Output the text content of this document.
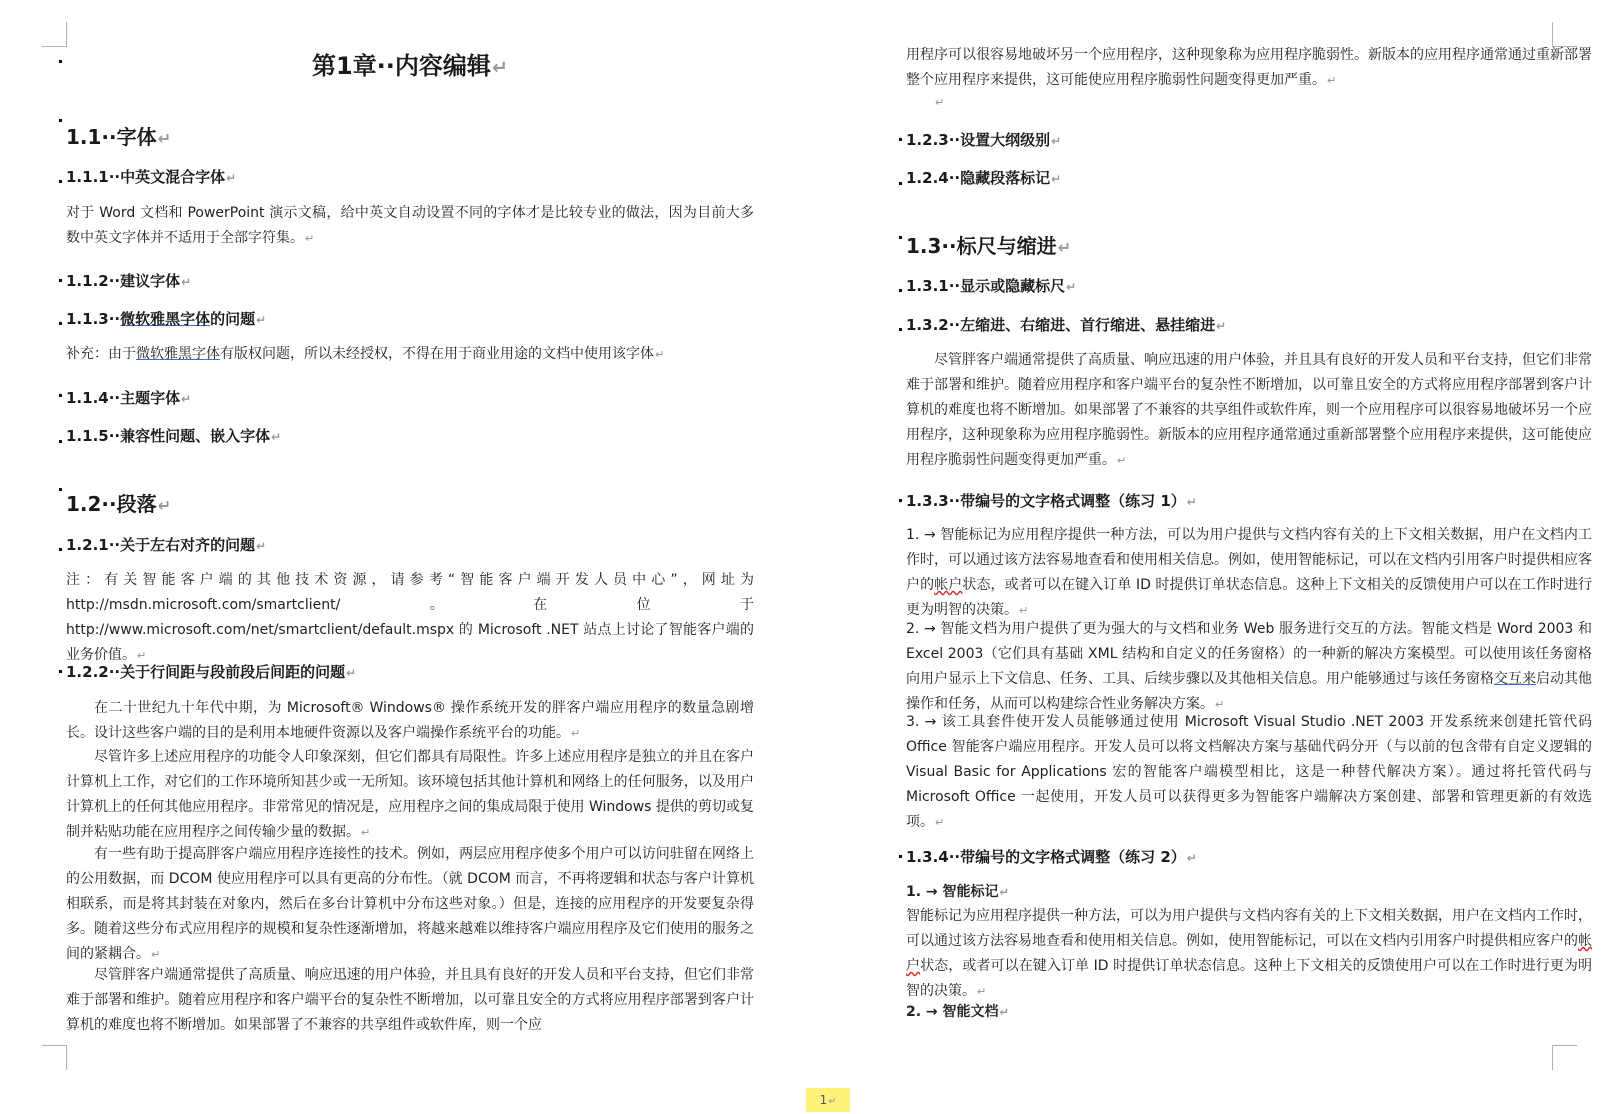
第1章··内容编辑↵
1.1··字体↵
1.1.1··中英文混合字体↵
对于 Word 文档和 PowerPoint 演示文稿，给中英文自动设置不同的字体才是比较专业的做法，因为目前大多数中英文字体并不适用于全部字符集。↵
1.1.2··建议字体↵
1.1.3··微软雅黑字体的问题↵
补充：由于微软雅黑字体有版权问题，所以未经授权，不得在用于商业用途的文档中使用该字体↵
1.1.4··主题字体↵
1.1.5··兼容性问题、嵌入字体↵
1.2··段落↵
1.2.1··关于左右对齐的问题↵
注：有关智能客户端的其他技术资源，请参考“智能客户端开发人员中心”，网址为 http://msdn.microsoft.com/smartclient/。在位于 http://www.microsoft.com/net/smartclient/default.mspx 的 Microsoft .NET 站点上讨论了智能客户端的业务价值。↵
1.2.2··关于行间距与段前段后间距的问题↵
在二十世纪九十年代中期，为 Microsoft® Windows® 操作系统开发的胖客户端应用程序的数量急剧增长。设计这些客户端的目的是利用本地硬件资源以及客户端操作系统平台的功能。↵
尽管许多上述应用程序的功能令人印象深刻，但它们都具有局限性。许多上述应用程序是独立的并且在客户计算机上工作，对它们的工作环境所知甚少或一无所知。该环境包括其他计算机和网络上的任何服务，以及用户计算机上的任何其他应用程序。非常常见的情况是，应用程序之间的集成局限于使用 Windows 提供的剪切或复制并粘贴功能在应用程序之间传输少量的数据。↵
有一些有助于提高胖客户端应用程序连接性的技术。例如，两层应用程序使多个用户可以访问驻留在网络上的公用数据，而 DCOM 使应用程序可以具有更高的分布性。（就 DCOM 而言，不再将逻辑和状态与客户计算机相联系，而是将其封装在对象内，然后在多台计算机中分布这些对象。）但是，连接的应用程序的开发要复杂得多。随着这些分布式应用程序的规模和复杂性逐渐增加，将越来越难以维持客户端应用程序及它们使用的服务之间的紧耦合。↵
尽管胖客户端通常提供了高质量、响应迅速的用户体验，并且具有良好的开发人员和平台支持，但它们非常难于部署和维护。随着应用程序和客户端平台的复杂性不断增加，以可靠且安全的方式将应用程序部署到客户计算机的难度也将不断增加。如果部署了不兼容的共享组件或软件库，则一个应
用程序可以很容易地破坏另一个应用程序，这种现象称为应用程序脆弱性。新版本的应用程序通常通过重新部署整个应用程序来提供，这可能使应用程序脆弱性问题变得更加严重。↵
↵
1.2.3··设置大纲级别↵
1.2.4··隐藏段落标记↵
1.3··标尺与缩进↵
1.3.1··显示或隐藏标尺↵
1.3.2··左缩进、右缩进、首行缩进、悬挂缩进↵
尽管胖客户端通常提供了高质量、响应迅速的用户体验，并且具有良好的开发人员和平台支持，但它们非常难于部署和维护。随着应用程序和客户端平台的复杂性不断增加，以可靠且安全的方式将应用程序部署到客户计算机的难度也将不断增加。如果部署了不兼容的共享组件或软件库，则一个应用程序可以很容易地破坏另一个应用程序，这种现象称为应用程序脆弱性。新版本的应用程序通常通过重新部署整个应用程序来提供，这可能使应用程序脆弱性问题变得更加严重。↵
1.3.3··带编号的文字格式调整（练习 1）↵
1. → 智能标记为应用程序提供一种方法，可以为用户提供与文档内容有关的上下文相关数据，用户在文档内工作时，可以通过该方法容易地查看和使用相关信息。例如，使用智能标记，可以在文档内引用客户时提供相应客户的帐户状态，或者可以在键入订单 ID 时提供订单状态信息。这种上下文相关的反馈使用户可以在工作时进行更为明智的决策。↵
2. → 智能文档为用户提供了更为强大的与文档和业务 Web 服务进行交互的方法。智能文档是 Word 2003 和 Excel 2003（它们具有基础 XML 结构和自定义的任务窗格）的一种新的解决方案模型。可以使用该任务窗格向用户显示上下文信息、任务、工具、后续步骤以及其他相关信息。用户能够通过与该任务窗格交互来启动其他操作和任务，从而可以构建综合性业务解决方案。↵
3. → 该工具套件使开发人员能够通过使用 Microsoft Visual Studio .NET 2003 开发系统来创建托管代码 Office 智能客户端应用程序。开发人员可以将文档解决方案与基础代码分开（与以前的包含带有自定义逻辑的 Visual Basic for Applications 宏的智能客户端模型相比，这是一种替代解决方案）。通过将托管代码与 Microsoft Office 一起使用，开发人员可以获得更多为智能客户端解决方案创建、部署和管理更新的有效选项。↵
1.3.4··带编号的文字格式调整（练习 2）↵
1. → 智能标记↵
智能标记为应用程序提供一种方法，可以为用户提供与文档内容有关的上下文相关数据，用户在文档内工作时，可以通过该方法容易地查看和使用相关信息。例如，使用智能标记，可以在文档内引用客户时提供相应客户的帐户状态，或者可以在键入订单 ID 时提供订单状态信息。这种上下文相关的反馈使用户可以在工作时进行更为明智的决策。↵
2. → 智能文档↵
1↵
